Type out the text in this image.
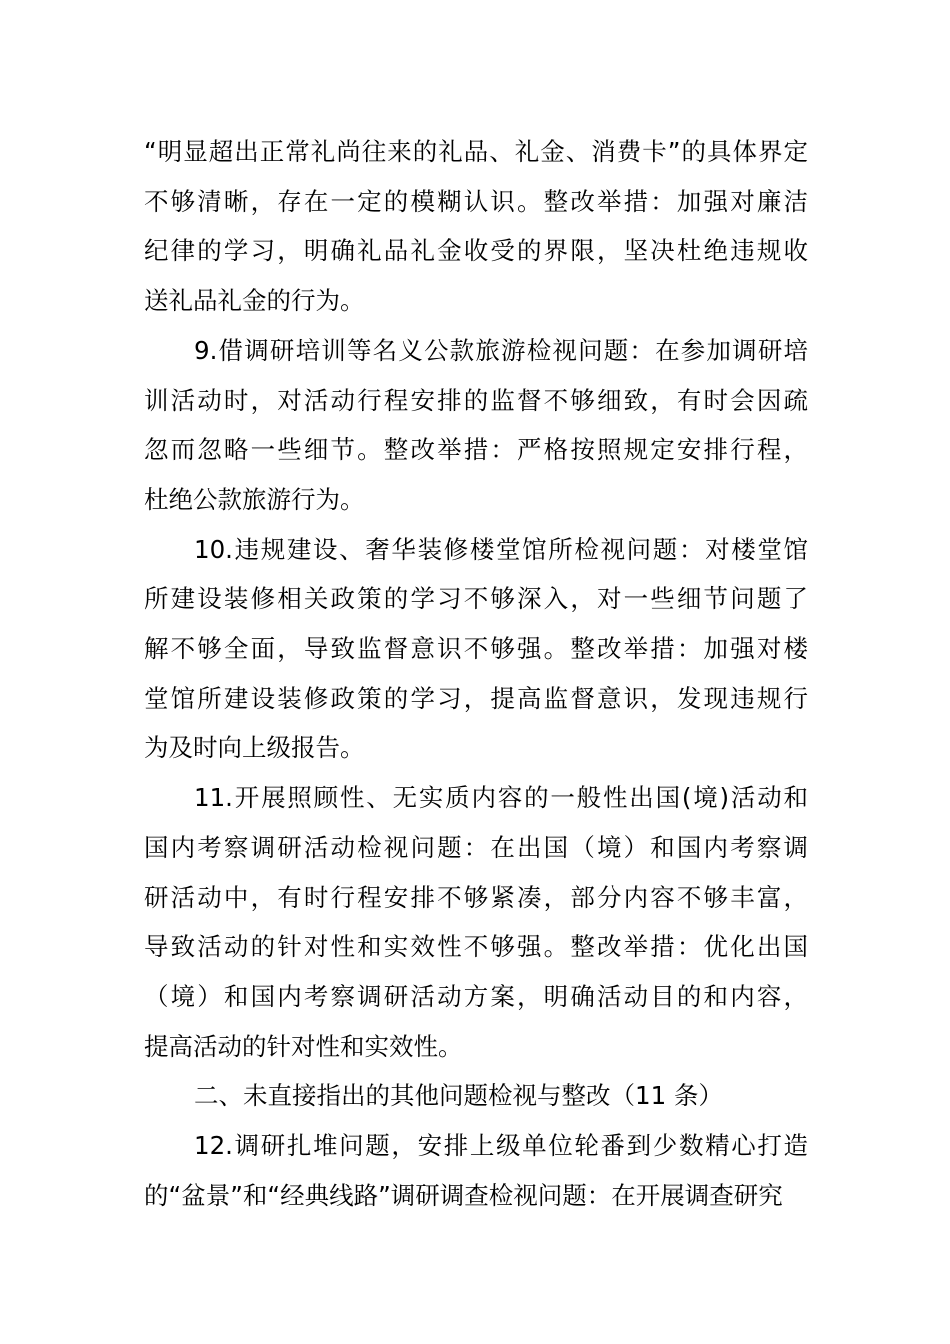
“明显超出正常礼尚往来的礼品、礼金、消费卡”的具体界定
不够清晰，存在一定的模糊认识。整改举措：加强对廉洁
纪律的学习，明确礼品礼金收受的界限，坚决杜绝违规收
送礼品礼金的行为。

9.借调研培训等名义公款旅游检视问题：在参加调研培
训活动时，对活动行程安排的监督不够细致，有时会因疏
忽而忽略一些细节。整改举措：严格按照规定安排行程，
杜绝公款旅游行为。

10.违规建设、奢华装修楼堂馆所检视问题：对楼堂馆
所建设装修相关政策的学习不够深入，对一些细节问题了
解不够全面，导致监督意识不够强。整改举措：加强对楼
堂馆所建设装修政策的学习，提高监督意识，发现违规行
为及时向上级报告。

11.开展照顾性、无实质内容的一般性出国(境)活动和
国内考察调研活动检视问题：在出国（境）和国内考察调
研活动中，有时行程安排不够紧凑，部分内容不够丰富，
导致活动的针对性和实效性不够强。整改举措：优化出国
（境）和国内考察调研活动方案，明确活动目的和内容，
提高活动的针对性和实效性。

二、未直接指出的其他问题检视与整改（11 条）

12.调研扎堆问题，安排上级单位轮番到少数精心打造
的“盆景”和“经典线路”调研调查检视问题：在开展调查研究
